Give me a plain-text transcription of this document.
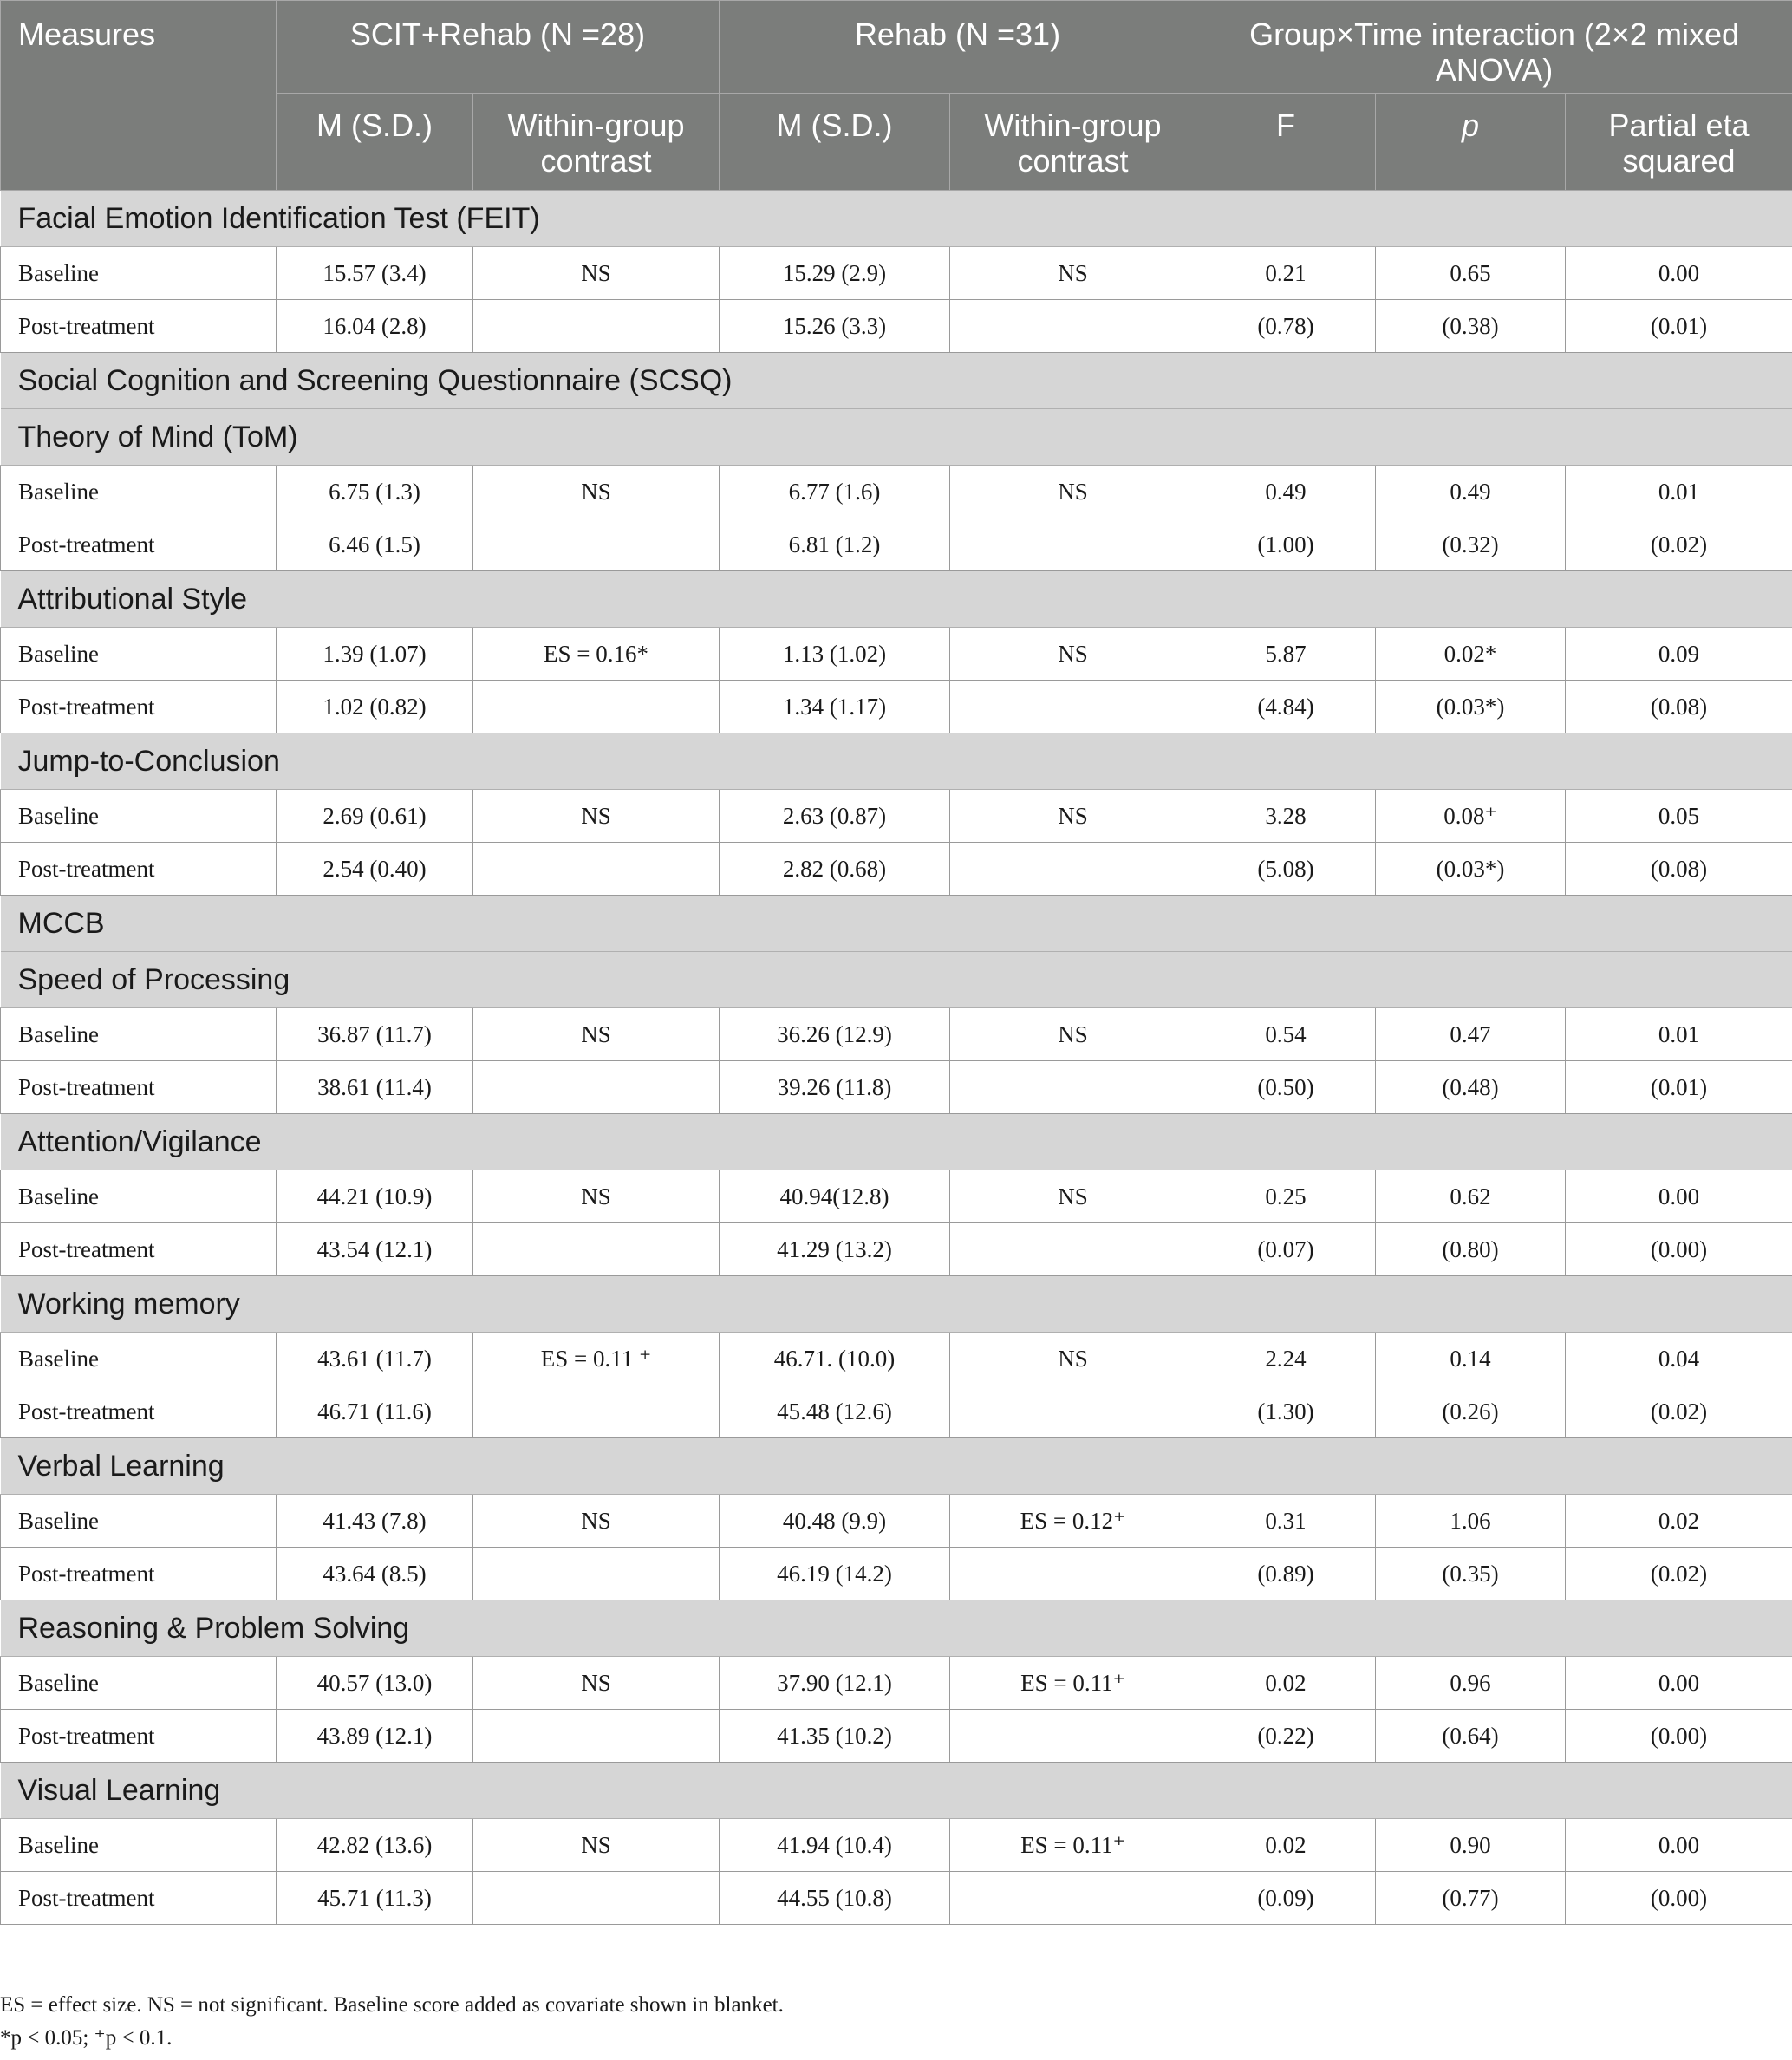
Measures	SCIT+Rehab (N =28)		Rehab (N =31)		Group×Time interaction (2×2 mixed ANOVA)		
	M (S.D.)	Within-group contrast	M (S.D.)	Within-group contrast	F	p	Partial eta squared
Facial Emotion Identification Test (FEIT)							
Baseline	15.57 (3.4)	NS	15.29 (2.9)	NS	0.21	0.65	0.00
Post-treatment	16.04 (2.8)		15.26 (3.3)		(0.78)	(0.38)	(0.01)
Social Cognition and Screening Questionnaire (SCSQ)							
Theory of Mind (ToM)							
Baseline	6.75 (1.3)	NS	6.77 (1.6)	NS	0.49	0.49	0.01
Post-treatment	6.46 (1.5)		6.81 (1.2)		(1.00)	(0.32)	(0.02)
Attributional Style							
Baseline	1.39 (1.07)	ES = 0.16*	1.13 (1.02)	NS	5.87	0.02*	0.09
Post-treatment	1.02 (0.82)		1.34 (1.17)		(4.84)	(0.03*)	(0.08)
Jump-to-Conclusion							
Baseline	2.69 (0.61)	NS	2.63 (0.87)	NS	3.28	0.08⁺	0.05
Post-treatment	2.54 (0.40)		2.82 (0.68)		(5.08)	(0.03*)	(0.08)
MCCB							
Speed of Processing							
Baseline	36.87 (11.7)	NS	36.26 (12.9)	NS	0.54	0.47	0.01
Post-treatment	38.61 (11.4)		39.26 (11.8)		(0.50)	(0.48)	(0.01)
Attention/Vigilance							
Baseline	44.21 (10.9)	NS	40.94(12.8)	NS	0.25	0.62	0.00
Post-treatment	43.54 (12.1)		41.29 (13.2)		(0.07)	(0.80)	(0.00)
Working memory							
Baseline	43.61 (11.7)	ES = 0.11 ⁺	46.71. (10.0)	NS	2.24	0.14	0.04
Post-treatment	46.71 (11.6)		45.48 (12.6)		(1.30)	(0.26)	(0.02)
Verbal Learning							
Baseline	41.43 (7.8)	NS	40.48 (9.9)	ES = 0.12⁺	0.31	1.06	0.02
Post-treatment	43.64 (8.5)		46.19 (14.2)		(0.89)	(0.35)	(0.02)
Reasoning & Problem Solving							
Baseline	40.57 (13.0)	NS	37.90 (12.1)	ES = 0.11⁺	0.02	0.96	0.00
Post-treatment	43.89 (12.1)		41.35 (10.2)		(0.22)	(0.64)	(0.00)
Visual Learning							
Baseline	42.82 (13.6)	NS	41.94 (10.4)	ES = 0.11⁺	0.02	0.90	0.00
Post-treatment	45.71 (11.3)		44.55 (10.8)		(0.09)	(0.77)	(0.00)
ES = effect size. NS = not significant. Baseline score added as covariate shown in blanket.
*p < 0.05; ⁺p < 0.1.
